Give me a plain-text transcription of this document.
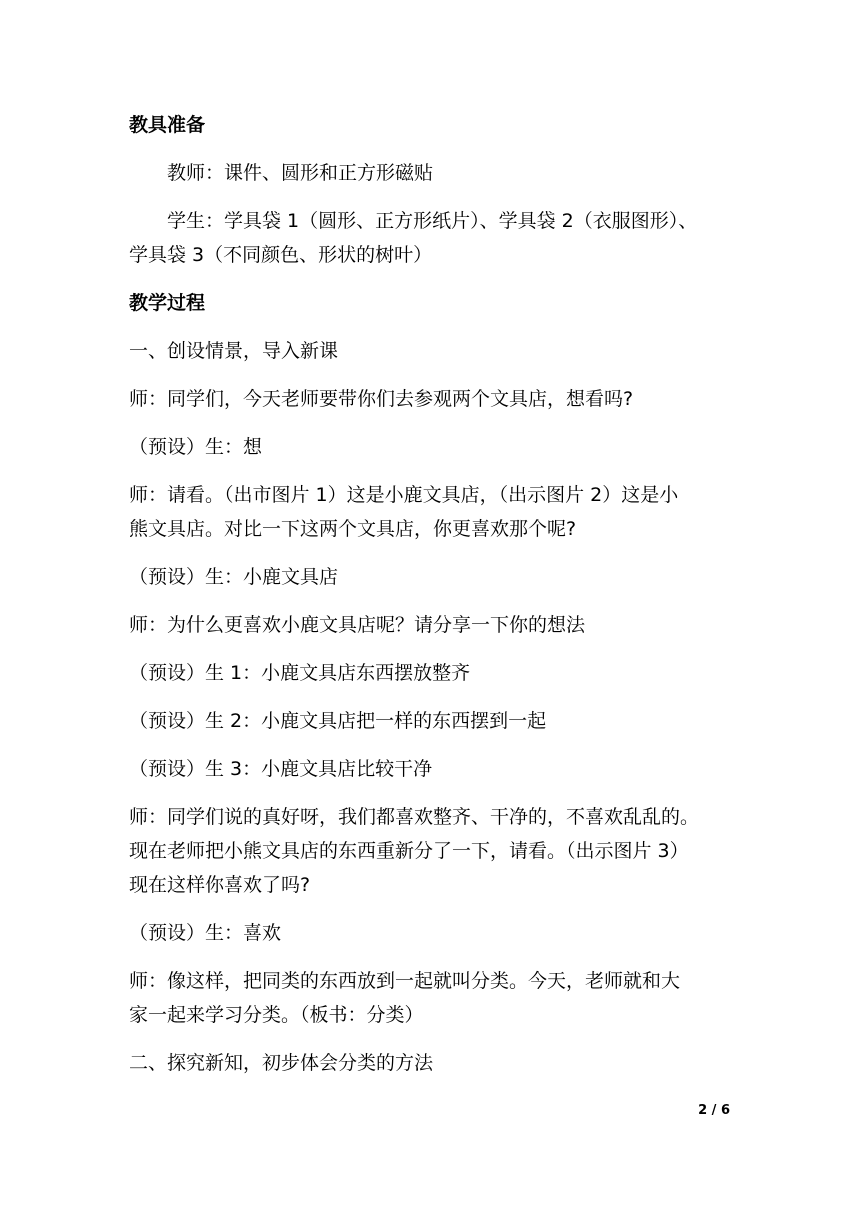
教具准备

教师：课件、圆形和正方形磁贴

学生：学具袋 1（圆形、正方形纸片）、学具袋 2（衣服图形）、

学具袋 3（不同颜色、形状的树叶）

教学过程

一、创设情景，导入新课

师：同学们，今天老师要带你们去参观两个文具店，想看吗?

（预设）生：想

师：请看。（出市图片 1）这是小鹿文具店，（出示图片 2）这是小

熊文具店。对比一下这两个文具店，你更喜欢那个呢?

（预设）生：小鹿文具店

师：为什么更喜欢小鹿文具店呢？请分享一下你的想法

（预设）生 1：小鹿文具店东西摆放整齐

（预设）生 2：小鹿文具店把一样的东西摆到一起

（预设）生 3：小鹿文具店比较干净

师：同学们说的真好呀，我们都喜欢整齐、干净的，不喜欢乱乱的。

现在老师把小熊文具店的东西重新分了一下，请看。（出示图片 3）

现在这样你喜欢了吗?

（预设）生：喜欢

师：像这样，把同类的东西放到一起就叫分类。今天，老师就和大

家一起来学习分类。（板书：分类）

二、探究新知，初步体会分类的方法

2 / 6
